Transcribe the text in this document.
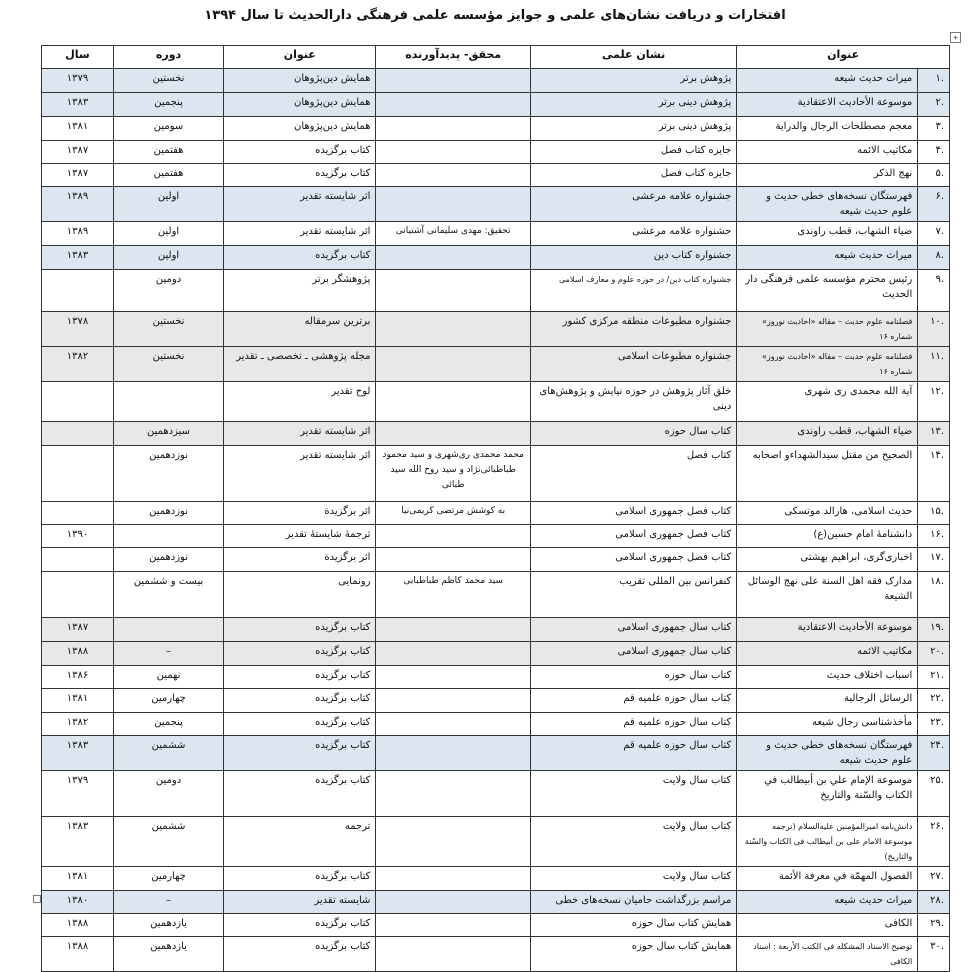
افتخارات و دریافت نشان‌های علمی و جوایز مؤسسه علمی فرهنگی دارالحدیث تا سال ۱۳۹۴
+
عنوان		نشان علمی	محقق- پدیدآورنده	عنوان	دوره	سال
.۱	میراث حدیث شیعه	پژوهش برتر		همایش دین‌پژوهان	نخستین	۱۳۷۹
.۲	موسوعة الأحادیث الاعتقادیة	پژوهش دینی برتر		همایش دین‌پژوهان	پنجمین	۱۳۸۳
.۳	معجم مصطلحات الرجال والدرایة	پژوهش دینی برتر		همایش دین‌پژوهان	سومین	۱۳۸۱
.۴	مکاتیب الائمه	جایزه کتاب فصل		کتاب برگزیده	هفتمین	۱۳۸۷
.۵	نهج الذکر	جایزه کتاب فصل		کتاب برگزیده	هفتمین	۱۳۸۷
.۶	فهرستگان نسخه‌های خطی حدیث و علوم حدیث شیعه	جشنواره علامه مرعشی		اثر شایسته تقدیر	اولین	۱۳۸۹
.۷	ضیاء الشهاب، قطب راوندی	جشنواره علامه مرعشی	تحقیق: مهدی سلیمانی آشتیانی	اثر شایسته تقدیر	اولین	۱۳۸۹
.۸	میراث حدیث شیعه	جشنواره کتاب دین		کتاب برگزیده	اولین	۱۳۸۳
.۹	رئیس محترم مؤسسه علمی فرهنگی دار الحدیث	جشنواره کتاب دین/ در حوزه علوم و معارف اسلامی		پژوهشگر برتر	دومین	
.۱۰	فصلنامه علوم حدیث – مقاله «احادیث نوروز» شماره ۱۶	جشنواره مطبوعات منطقه مرکزی کشور		برترین سرمقاله	نخستین	۱۳۷۸
.۱۱	فصلنامه علوم حدیث – مقاله «احادیث نوروز» شماره ۱۶	جشنواره مطبوعات اسلامی		مجله پژوهشی ـ تخصصی ـ تقدیر	نخستین	۱۳۸۲
.۱۲	آیة الله محمدی ری شهری	خلق آثار پژوهش در حوزه نیایش و پژوهش‌های دینی		لوح تقدیر		
.۱۳	ضیاء الشهاب، قطب راوندی	کتاب سال حوزه		اثر شایسته تقدیر	سیزدهمین	
.۱۴	الصحیح من مقتل سیدالشهداءو اصحابه	کتاب فصل	محمد محمدی ری‌شهری و سید محمود طباطبائی‌نژاد و سید روح الله سید طبائی	اثر شایسته تقدیر	نوزدهمین	
.۱۵	حدیث اسلامی، هارالد موتسکی	کتاب فصل جمهوری اسلامی	به کوشش مرتضی کریمی‌نیا	اثر برگزیدة	نوزدهمین	
.۱۶	دانشنامهٔ امام حسین(ع)	کتاب فصل جمهوری اسلامی		ترجمهٔ شایستهٔ تقدیر		۱۳۹۰
.۱۷	اخباری‌گری، ابراهیم بهشتی	کتاب فصل جمهوری اسلامی		اثر برگزیدة	نوزدهمین	
.۱۸	مدارک فقه اهل السنة علی نهج الوسائل الشیعة	کنفرانس بین المللی تقریب	سید محمد کاظم طباطبایی	رونمایی	بیست و ششمین	
.۱۹	موسوعة الأحادیث الاعتقادیة	کتاب سال جمهوری اسلامی		کتاب برگزیده		۱۳۸۷
.۲۰	مکاتیب الائمه	کتاب سال جمهوری اسلامی		کتاب برگزیده	–	۱۳۸۸
.۲۱	اسباب اختلاف حدیث	کتاب سال حوزه		کتاب برگزیده	نهمین	۱۳۸۶
.۲۲	الرسائل الرجالیة	کتاب سال حوزه علمیه قم		کتاب برگزیده	چهارمین	۱۳۸۱
.۲۳	مأخذشناسی رجال شیعه	کتاب سال حوزه علمیه قم		کتاب برگزیده	پنجمین	۱۳۸۲
.۲۴	فهرستگان نسخه‌های خطی حدیث و علوم حدیث شیعه	کتاب سال حوزه علمیه قم		کتاب برگزیده	ششمین	۱۳۸۳
.۲۵	موسوعة الإمام علي بن أبيطالب في الكتاب والسّنة والتاريخ	کتاب سال ولایت		کتاب برگزیده	دومین	۱۳۷۹
.۲۶	دانش‌نامه امیرالمؤمنین علیه‌السلام (ترجمه موسوعة الامام علی بن أبیطالب فی الکتاب والسّنة والتاریخ)	کتاب سال ولایت		ترجمه	ششمین	۱۳۸۳
.۲۷	الفصول المهمّة في معرفة الأئمة	کتاب سال ولایت		کتاب برگزیده	چهارمین	۱۳۸۱
.۲۸	میراث حدیث شیعه	مراسم بزرگداشت حامیان نسخه‌های خطی		شایسته تقدیر	–	۱۳۸۰
.۲۹	الکافی	همایش کتاب سال حوزه		کتاب برگزیده	یازدهمین	۱۳۸۸
.۳۰	توضیح الاسناد المشکله فی الکتب الأربعة : اسناد الکافی	همایش کتاب سال حوزه		کتاب برگزیده	یازدهمین	۱۳۸۸
